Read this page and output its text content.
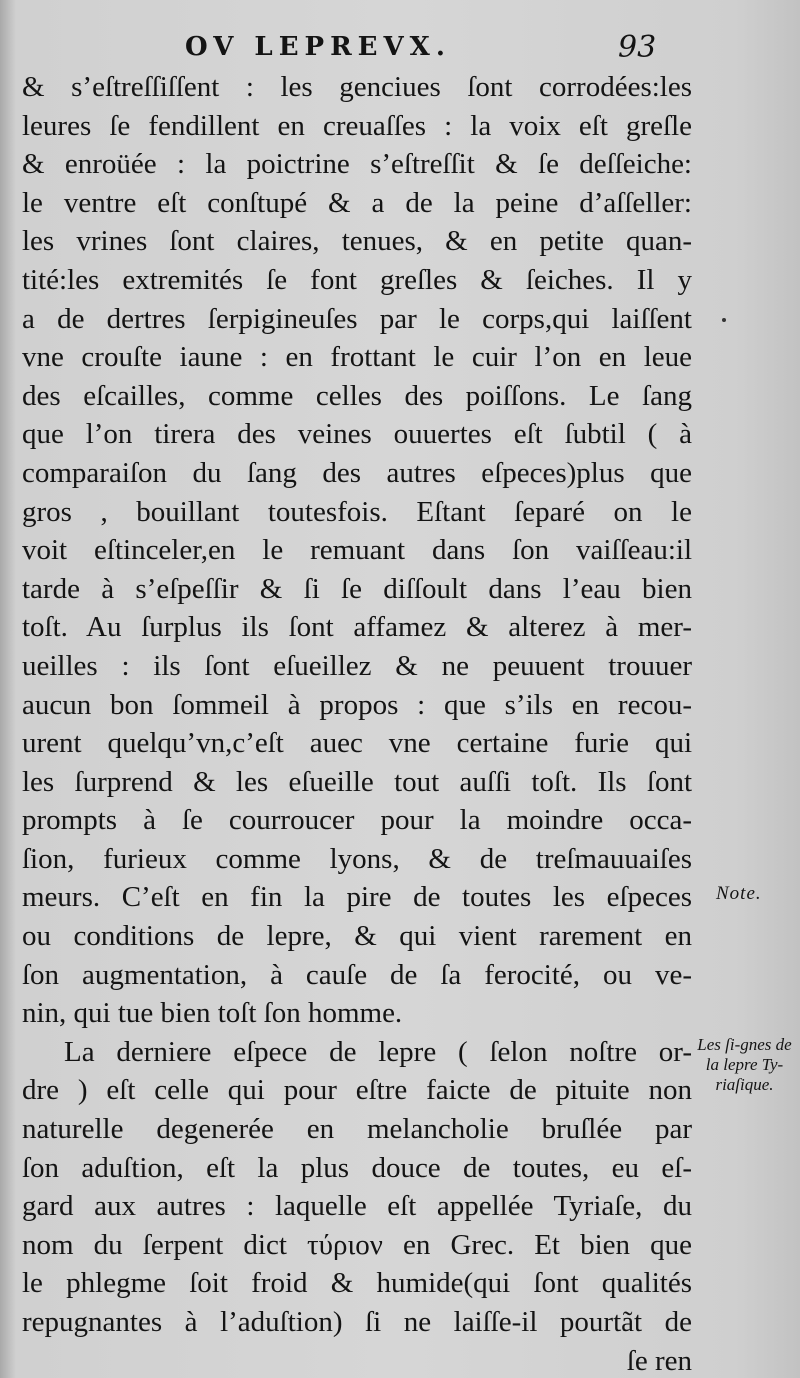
OV LEPREVX.	93
& s’eſtreſſiſſent : les genciues ſont corrodées:les
leures ſe fendillent en creuaſſes : la voix eſt greſle
& enroüée : la poictrine s’eſtreſſit & ſe deſſeiche:
le ventre eſt conſtupé & a de la peine d’aſſeller:
les vrines ſont claires, tenues, & en petite quan-
tité:les extremités ſe font greſles & ſeiches. Il y
a de dertres ſerpigineuſes par le corps,qui laiſſent
vne crouſte iaune : en frottant le cuir l’on en leue
des eſcailles, comme celles des poiſſons. Le ſang
que l’on tirera des veines ouuertes eſt ſubtil ( à
comparaiſon du ſang des autres eſpeces)plus que
gros , bouillant toutesfois. Eſtant ſeparé on le
voit eſtinceler,en le remuant dans ſon vaiſſeau:il
tarde à s’eſpeſſir & ſi ſe diſſoult dans l’eau bien
toſt. Au ſurplus ils ſont affamez & alterez à mer-
ueilles : ils ſont eſueillez & ne peuuent trouuer
aucun bon ſommeil à propos : que s’ils en recou-
urent quelqu’vn,c’eſt auec vne certaine furie qui
les ſurprend & les eſueille tout auſſi toſt. Ils ſont
prompts à ſe courroucer pour la moindre occa-
ſion, furieux comme lyons, & de treſmauuaiſes
meurs. C’eſt en fin la pire de toutes les eſpeces
ou conditions de lepre, & qui vient rarement en
ſon augmentation, à cauſe de ſa ferocité, ou ve-
nin, qui tue bien toſt ſon homme.
La derniere eſpece de lepre ( ſelon noſtre or-
dre ) eſt celle qui pour eſtre faicte de pituite non
naturelle degenerée en melancholie bruſlée par
ſon aduſtion, eſt la plus douce de toutes, eu eſ-
gard aux autres : laquelle eſt appellée Tyriaſe, du
nom du ſerpent dict τύριον en Grec. Et bien que
le phlegme ſoit froid & humide(qui ſont qualités
repugnantes à l’aduſtion) ſi ne laiſſe-il pourtãt de
ſe ren
Note.
Les ſi-gnes de la lepre Ty-riaſique.
